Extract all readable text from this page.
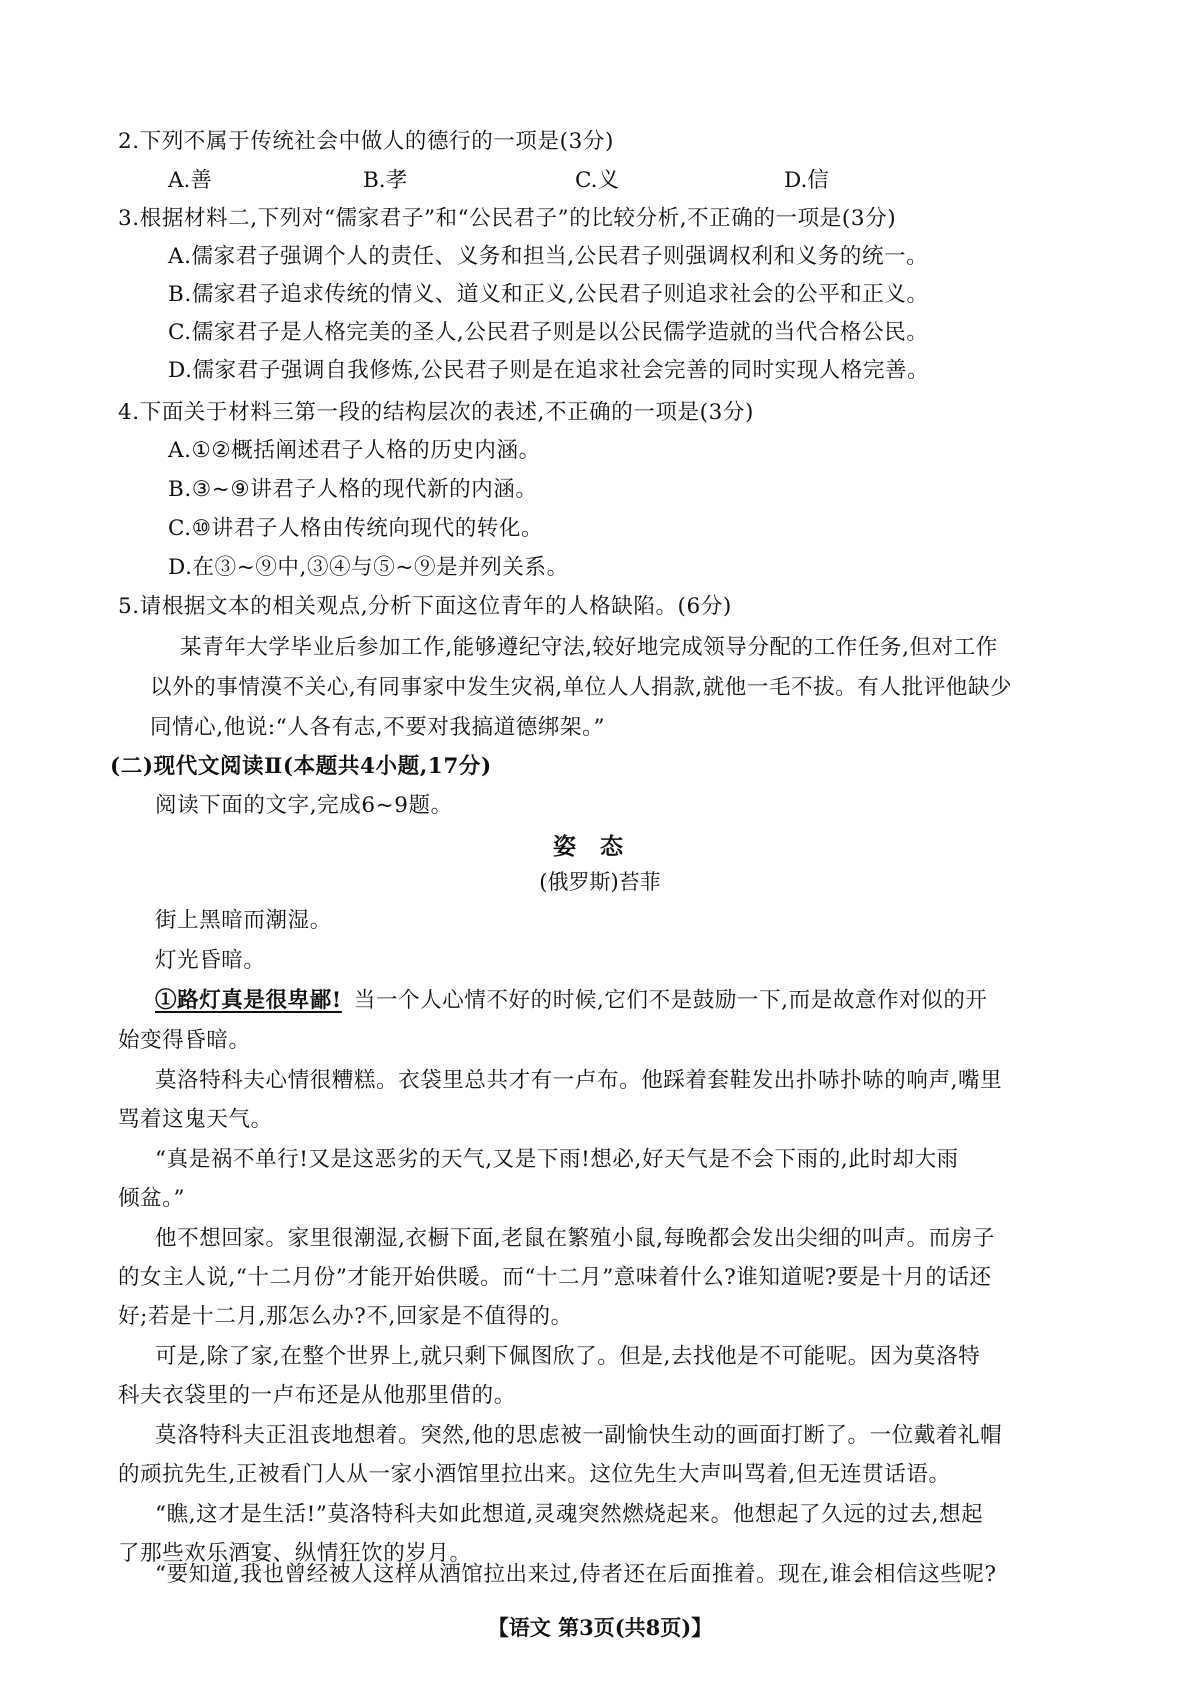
2.下列不属于传统社会中做人的德行的一项是(3分)
A.善	B.孝	C.义	D.信
3.根据材料二,下列对“儒家君子”和“公民君子”的比较分析,不正确的一项是(3分)
A.儒家君子强调个人的责任、义务和担当,公民君子则强调权利和义务的统一。
B.儒家君子追求传统的情义、道义和正义,公民君子则追求社会的公平和正义。
C.儒家君子是人格完美的圣人,公民君子则是以公民儒学造就的当代合格公民。
D.儒家君子强调自我修炼,公民君子则是在追求社会完善的同时实现人格完善。
4.下面关于材料三第一段的结构层次的表述,不正确的一项是(3分)
A.①②概括阐述君子人格的历史内涵。
B.③~⑨讲君子人格的现代新的内涵。
C.⑩讲君子人格由传统向现代的转化。
D.在③~⑨中,③④与⑤~⑨是并列关系。
5.请根据文本的相关观点,分析下面这位青年的人格缺陷。(6分)
某青年大学毕业后参加工作,能够遵纪守法,较好地完成领导分配的工作任务,但对工作
以外的事情漠不关心,有同事家中发生灾祸,单位人人捐款,就他一毛不拔。有人批评他缺少
同情心,他说:“人各有志,不要对我搞道德绑架。”
(二)现代文阅读Ⅱ(本题共4小题,17分)
阅读下面的文字,完成6~9题。
姿态
(俄罗斯)苔菲
街上黑暗而潮湿。
灯光昏暗。
①路灯真是很卑鄙! 当一个人心情不好的时候,它们不是鼓励一下,而是故意作对似的开
始变得昏暗。
莫洛特科夫心情很糟糕。衣袋里总共才有一卢布。他踩着套鞋发出扑哧扑哧的响声,嘴里
骂着这鬼天气。
“真是祸不单行!又是这恶劣的天气,又是下雨!想必,好天气是不会下雨的,此时却大雨
倾盆。”
他不想回家。家里很潮湿,衣橱下面,老鼠在繁殖小鼠,每晚都会发出尖细的叫声。而房子
的女主人说,“十二月份”才能开始供暖。而“十二月”意味着什么?谁知道呢?要是十月的话还
好;若是十二月,那怎么办?不,回家是不值得的。
可是,除了家,在整个世界上,就只剩下佩图欣了。但是,去找他是不可能呢。因为莫洛特
科夫衣袋里的一卢布还是从他那里借的。
莫洛特科夫正沮丧地想着。突然,他的思虑被一副愉快生动的画面打断了。一位戴着礼帽
的顽抗先生,正被看门人从一家小酒馆里拉出来。这位先生大声叫骂着,但无连贯话语。
“瞧,这才是生活!”莫洛特科夫如此想道,灵魂突然燃烧起来。他想起了久远的过去,想起
了那些欢乐酒宴、纵情狂饮的岁月。
“要知道,我也曾经被人这样从酒馆拉出来过,侍者还在后面推着。现在,谁会相信这些呢?
【语文 第3页(共8页)】
